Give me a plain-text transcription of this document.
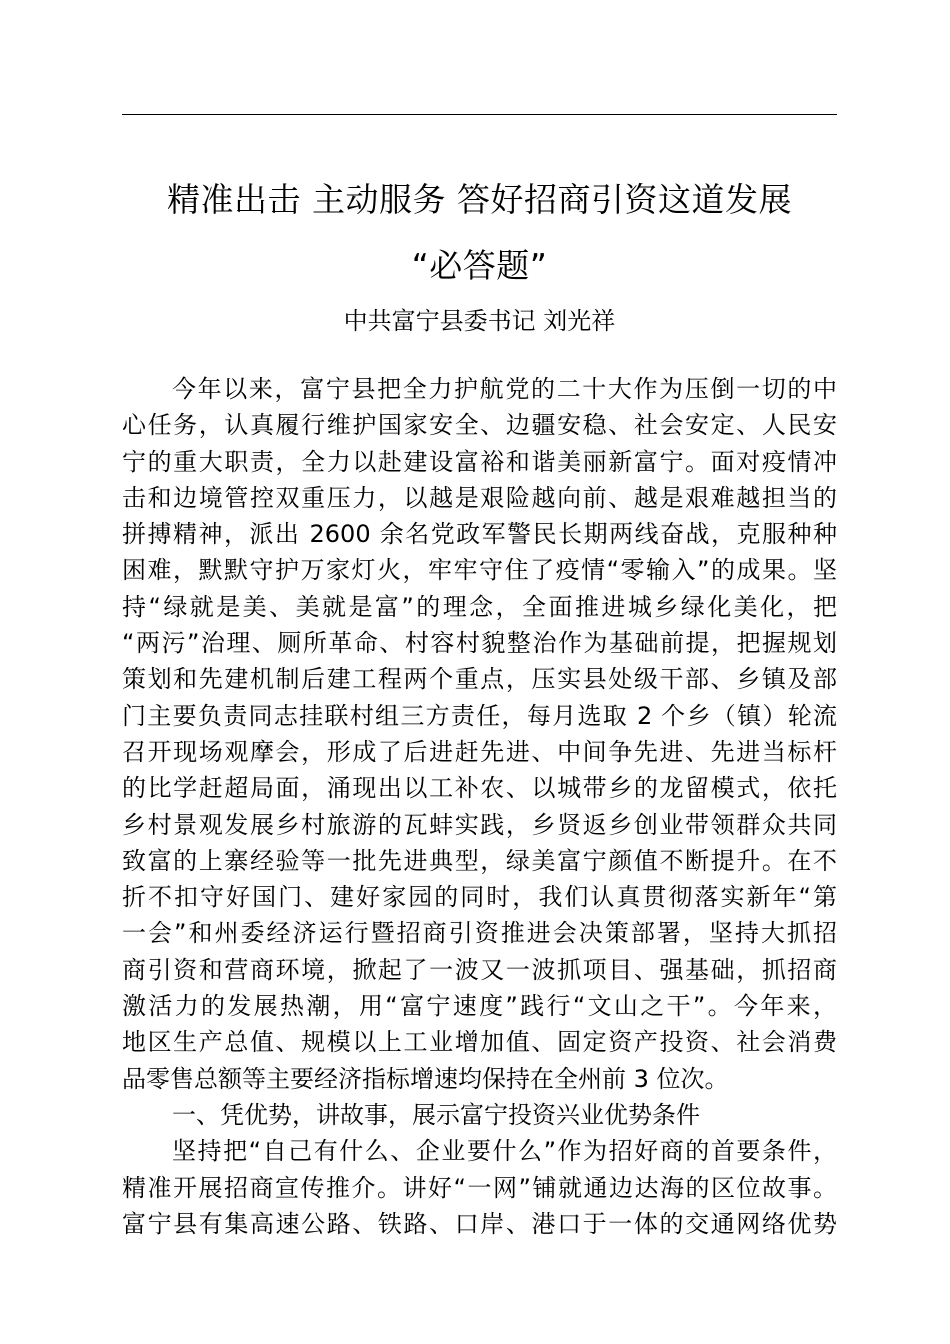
精准出击 主动服务 答好招商引资这道发展
“必答题”
中共富宁县委书记 刘光祥
今年以来，富宁县把全力护航党的二十大作为压倒一切的中
心任务，认真履行维护国家安全、边疆安稳、社会安定、人民安
宁的重大职责，全力以赴建设富裕和谐美丽新富宁。面对疫情冲
击和边境管控双重压力，以越是艰险越向前、越是艰难越担当的
拼搏精神，派出 2600 余名党政军警民长期两线奋战，克服种种
困难，默默守护万家灯火，牢牢守住了疫情“零输入”的成果。坚
持“绿就是美、美就是富”的理念，全面推进城乡绿化美化，把
“两污”治理、厕所革命、村容村貌整治作为基础前提，把握规划
策划和先建机制后建工程两个重点，压实县处级干部、乡镇及部
门主要负责同志挂联村组三方责任，每月选取 2 个乡（镇）轮流
召开现场观摩会，形成了后进赶先进、中间争先进、先进当标杆
的比学赶超局面，涌现出以工补农、以城带乡的龙留模式，依托
乡村景观发展乡村旅游的瓦蚌实践，乡贤返乡创业带领群众共同
致富的上寨经验等一批先进典型，绿美富宁颜值不断提升。在不
折不扣守好国门、建好家园的同时，我们认真贯彻落实新年“第
一会”和州委经济运行暨招商引资推进会决策部署，坚持大抓招
商引资和营商环境，掀起了一波又一波抓项目、强基础，抓招商
激活力的发展热潮，用“富宁速度”践行“文山之干”。今年来，
地区生产总值、规模以上工业增加值、固定资产投资、社会消费
品零售总额等主要经济指标增速均保持在全州前 3 位次。
一、凭优势，讲故事，展示富宁投资兴业优势条件
坚持把“自己有什么、企业要什么”作为招好商的首要条件，
精准开展招商宣传推介。讲好“一网”铺就通边达海的区位故事。
富宁县有集高速公路、铁路、口岸、港口于一体的交通网络优势
